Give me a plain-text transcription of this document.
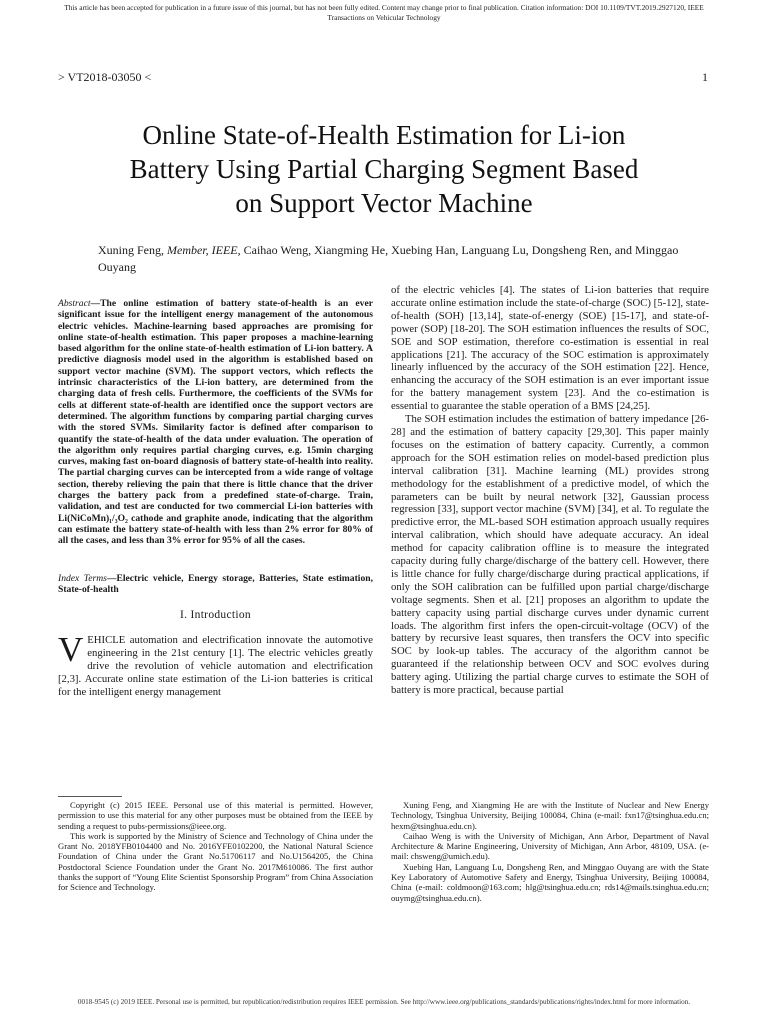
This article has been accepted for publication in a future issue of this journal, but has not been fully edited. Content may change prior to final publication. Citation information: DOI 10.1109/TVT.2019.2927120, IEEE
Transactions on Vehicular Technology
> VT2018-03050 <	1
Online State-of-Health Estimation for Li-ion
Battery Using Partial Charging Segment Based
on Support Vector Machine
Xuning Feng, Member, IEEE, Caihao Weng, Xiangming He, Xuebing Han, Languang Lu, Dongsheng Ren, and Minggao Ouyang

Abstract—The online estimation of battery state-of-health is an ever significant issue for the intelligent energy management of the autonomous electric vehicles. Machine-learning based approaches are promising for online state-of-health estimation. This paper proposes a machine-learning based algorithm for the online state-of-health estimation of Li-ion battery. A predictive diagnosis model used in the algorithm is established based on support vector machine (SVM). The support vectors, which reflects the intrinsic characteristics of the Li-ion battery, are determined from the charging data of fresh cells. Furthermore, the coefficients of the SVMs for cells at different state-of-health are identified once the support vectors are determined. The algorithm functions by comparing partial charging curves with the stored SVMs. Similarity factor is defined after comparison to quantify the state-of-health of the data under evaluation. The operation of the algorithm only requires partial charging curves, e.g. 15min charging curves, making fast on-board diagnosis of battery state-of-health into reality. The partial charging curves can be intercepted from a wide range of voltage section, thereby relieving the pain that there is little chance that the driver charges the battery pack from a predefined state-of-charge. Train, validation, and test are conducted for two commercial Li-ion batteries with Li(NiCoMn)₁/₃O₂ cathode and graphite anode, indicating that the algorithm can estimate the battery state-of-health with less than 2% error for 80% of all the cases, and less than 3% error for 95% of all the cases.

Index Terms—Electric vehicle, Energy storage, Batteries, State estimation, State-of-health

I. Introduction

VEHICLE automation and electrification innovate the automotive engineering in the 21st century [1]. The electric vehicles greatly drive the revolution of vehicle automation and electrification [2,3]. Accurate online state estimation of the Li-ion batteries is critical for the intelligent energy management

of the electric vehicles [4]. The states of Li-ion batteries that require accurate online estimation include the state-of-charge (SOC) [5-12], state-of-health (SOH) [13,14], state-of-energy (SOE) [15-17], and state-of-power (SOP) [18-20]. The SOH estimation influences the results of SOC, SOE and SOP estimation, therefore co-estimation is essential in real applications [21]. The accuracy of the SOC estimation is approximately linearly influenced by the accuracy of the SOH estimation [22]. Hence, enhancing the accuracy of the SOH estimation is an ever important issue for the battery management system [23]. And the co-estimation is essential to guarantee the stable operation of a BMS [24,25].

The SOH estimation includes the estimation of battery impedance [26-28] and the estimation of battery capacity [29,30]. This paper mainly focuses on the estimation of battery capacity. Currently, a common approach for the SOH estimation relies on model-based prediction plus interval calibration [31]. Machine learning (ML) provides strong methodology for the establishment of a predictive model, of which the parameters can be built by neural network [32], Gaussian process regression [33], support vector machine (SVM) [34], et al. To regulate the predictive error, the ML-based SOH estimation approach usually requires interval calibration, which should have adequate accuracy. An ideal method for capacity calibration offline is to measure the integrated capacity during fully charge/discharge of the battery cell. However, there is little chance for fully charge/discharge during practical applications, if only the SOH calibration can be fulfilled upon partial charge/discharge voltage segments. Shen et al. [21] proposes an algorithm to update the battery capacity using partial discharge curves under dynamic current loads. The algorithm first infers the open-circuit-voltage (OCV) of the battery by recursive least squares, then transfers the OCV into specific SOC by look-up tables. The accuracy of the algorithm cannot be guaranteed if the relationship between OCV and SOC evolves during battery aging. Utilizing the partial charge curves to estimate the SOH of battery is more practical, because partial

Copyright (c) 2015 IEEE. Personal use of this material is permitted. However, permission to use this material for any other purposes must be obtained from the IEEE by sending a request to pubs-permissions@ieee.org.

This work is supported by the Ministry of Science and Technology of China under the Grant No. 2018YFB0104400 and No. 2016YFE0102200, the National Natural Science Foundation of China under the Grant No.51706117 and No.U1564205, the China Postdoctoral Science Foundation under the Grant No. 2017M610086. The first author thanks the support of “Young Elite Scientist Sponsorship Program” from China Association for Science and Technology.

Xuning Feng, and Xiangming He are with the Institute of Nuclear and New Energy Technology, Tsinghua University, Beijing 100084, China (e-mail: fxn17@tsinghua.edu.cn; hexm@tsinghua.edu.cn).

Caihao Weng is with the University of Michigan, Ann Arbor, Department of Naval Architecture & Marine Engineering, University of Michigan, Ann Arbor, 48109, USA. (e-mail: chsweng@umich.edu).

Xuebing Han, Languang Lu, Dongsheng Ren, and Minggao Ouyang are with the State Key Laboratory of Automotive Safety and Energy, Tsinghua University, Beijing 100084, China (e-mail: coldmoon@163.com; hlg@tsinghua.edu.cn; rds14@mails.tsinghua.edu.cn; ouymg@tsinghua.edu.cn).

0018-9545 (c) 2019 IEEE. Personal use is permitted, but republication/redistribution requires IEEE permission. See http://www.ieee.org/publications_standards/publications/rights/index.html for more information.
